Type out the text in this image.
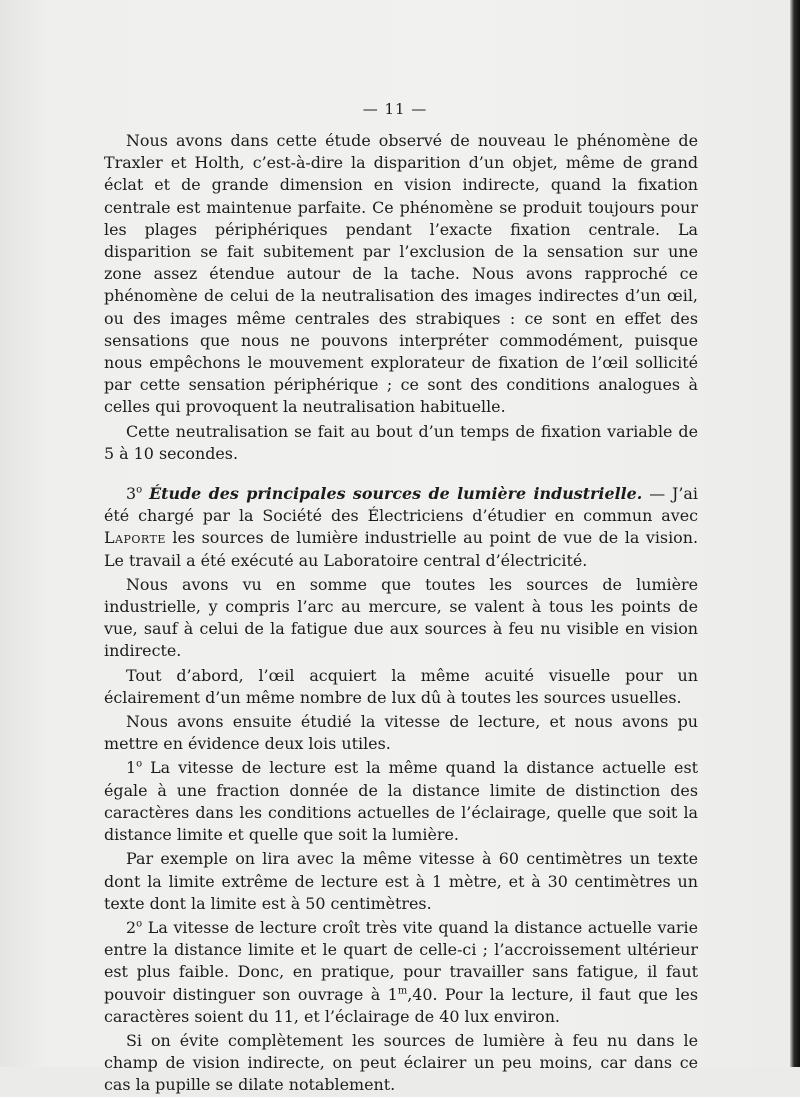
— 11 —

Nous avons dans cette étude observé de nouveau le phénomène de Traxler et Holth, c’est-à-dire la disparition d’un objet, même de grand éclat et de grande dimension en vision indirecte, quand la fixation centrale est maintenue parfaite. Ce phénomène se produit toujours pour les plages périphériques pendant l’exacte fixation centrale. La disparition se fait subitement par l’exclusion de la sensation sur une zone assez étendue autour de la tache. Nous avons rapproché ce phénomène de celui de la neutralisation des images indirectes d’un œil, ou des images même centrales des strabiques : ce sont en effet des sensations que nous ne pouvons interpréter commodément, puisque nous empêchons le mouvement explorateur de fixation de l’œil sollicité par cette sensation périphérique ; ce sont des conditions analogues à celles qui provoquent la neutralisation habituelle.

Cette neutralisation se fait au bout d’un temps de fixation variable de 5 à 10 secondes.

3$^o$ Étude des principales sources de lumière industrielle. — J’ai été chargé par la Société des Électriciens d’étudier en commun avec Laporte les sources de lumière industrielle au point de vue de la vision. Le travail a été exécuté au Laboratoire central d’électricité.

Nous avons vu en somme que toutes les sources de lumière industrielle, y compris l’arc au mercure, se valent à tous les points de vue, sauf à celui de la fatigue due aux sources à feu nu visible en vision indirecte.

Tout d’abord, l’œil acquiert la même acuité visuelle pour un éclairement d’un même nombre de lux dû à toutes les sources usuelles.

Nous avons ensuite étudié la vitesse de lecture, et nous avons pu mettre en évidence deux lois utiles.

1$^o$ La vitesse de lecture est la même quand la distance actuelle est égale à une fraction donnée de la distance limite de distinction des caractères dans les conditions actuelles de l’éclairage, quelle que soit la distance limite et quelle que soit la lumière.

Par exemple on lira avec la même vitesse à 60 centimètres un texte dont la limite extrême de lecture est à 1 mètre, et à 30 centimètres un texte dont la limite est à 50 centimètres.

2$^o$ La vitesse de lecture croît très vite quand la distance actuelle varie entre la distance limite et le quart de celle-ci ; l’accroissement ultérieur est plus faible. Donc, en pratique, pour travailler sans fatigue, il faut pouvoir distinguer son ouvrage à 1$^m$,40. Pour la lecture, il faut que les caractères soient du 11, et l’éclairage de 40 lux environ.

Si on évite complètement les sources de lumière à feu nu dans le champ de vision indirecte, on peut éclairer un peu moins, car dans ce cas la pupille se dilate notablement.
